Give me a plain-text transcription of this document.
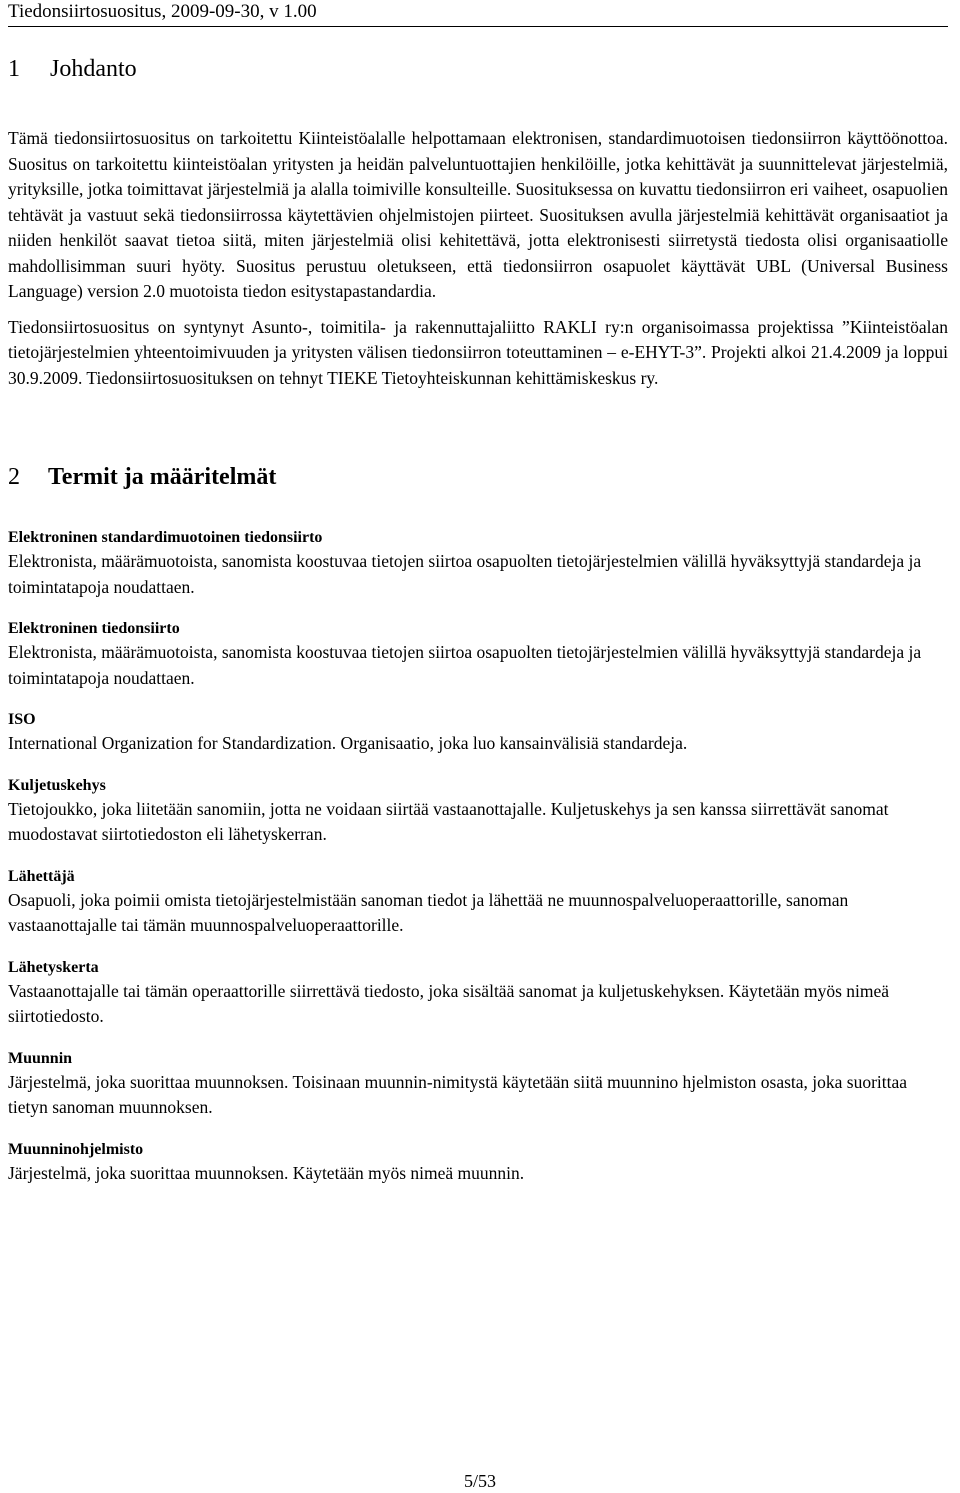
Tiedonsiirtosuositus, 2009-09-30, v 1.00
1 Johdanto

Tämä tiedonsiirtosuositus on tarkoitettu Kiinteistöalalle helpottamaan elektronisen, standardimuotoisen tiedonsiirron käyttöönottoa. Suositus on tarkoitettu kiinteistöalan yritysten ja heidän palveluntuottajien henkilöille, jotka kehittävät ja suunnittelevat järjestelmiä, yrityksille, jotka toimittavat järjestelmiä ja alalla toimiville konsulteille. Suosituksessa on kuvattu tiedonsiirron eri vaiheet, osapuolien tehtävät ja vastuut sekä tiedonsiirrossa käytettävien ohjelmistojen piirteet. Suosituksen avulla järjestelmiä kehittävät organisaatiot ja niiden henkilöt saavat tietoa siitä, miten järjestelmiä olisi kehitettävä, jotta elektronisesti siirretystä tiedosta olisi organisaatiolle mahdollisimman suuri hyöty. Suositus perustuu oletukseen, että tiedonsiirron osapuolet käyttävät UBL (Universal Business Language) version 2.0 muotoista tiedon esitystapastandardia.

Tiedonsiirtosuositus on syntynyt Asunto-, toimitila- ja rakennuttajaliitto RAKLI ry:n organisoimassa projektissa ”Kiinteistöalan tietojärjestelmien yhteentoimivuuden ja yritysten välisen tiedonsiirron toteuttaminen – e-EHYT-3”. Projekti alkoi 21.4.2009 ja loppui 30.9.2009. Tiedonsiirtosuosituksen on tehnyt TIEKE Tietoyhteiskunnan kehittämiskeskus ry.

2 Termit ja määritelmät
Elektroninen standardimuotoinen tiedonsiirto
Elektronista, määrämuotoista, sanomista koostuvaa tietojen siirtoa osapuolten tietojärjestelmien välillä hyväksyttyjä standardeja ja toimintatapoja noudattaen.
Elektroninen tiedonsiirto
Elektronista, määrämuotoista, sanomista koostuvaa tietojen siirtoa osapuolten tietojärjestelmien välillä hyväksyttyjä standardeja ja toimintatapoja noudattaen.
ISO
International Organization for Standardization. Organisaatio, joka luo kansainvälisiä standardeja.
Kuljetuskehys
Tietojoukko, joka liitetään sanomiin, jotta ne voidaan siirtää vastaanottajalle. Kuljetuskehys ja sen kanssa siirrettävät sanomat muodostavat siirtotiedoston eli lähetyskerran.
Lähettäjä
Osapuoli, joka poimii omista tietojärjestelmistään sanoman tiedot ja lähettää ne muunnospalveluoperaattorille, sanoman vastaanottajalle tai tämän muunnospalveluoperaattorille.
Lähetyskerta
Vastaanottajalle tai tämän operaattorille siirrettävä tiedosto, joka sisältää sanomat ja kuljetuskehyksen. Käytetään myös nimeä siirtotiedosto.
Muunnin
Järjestelmä, joka suorittaa muunnoksen. Toisinaan muunnin-nimitystä käytetään siitä muunnino hjelmiston osasta, joka suorittaa tietyn sanoman muunnoksen.
Muunninohjelmisto
Järjestelmä, joka suorittaa muunnoksen. Käytetään myös nimeä muunnin.
5/53
